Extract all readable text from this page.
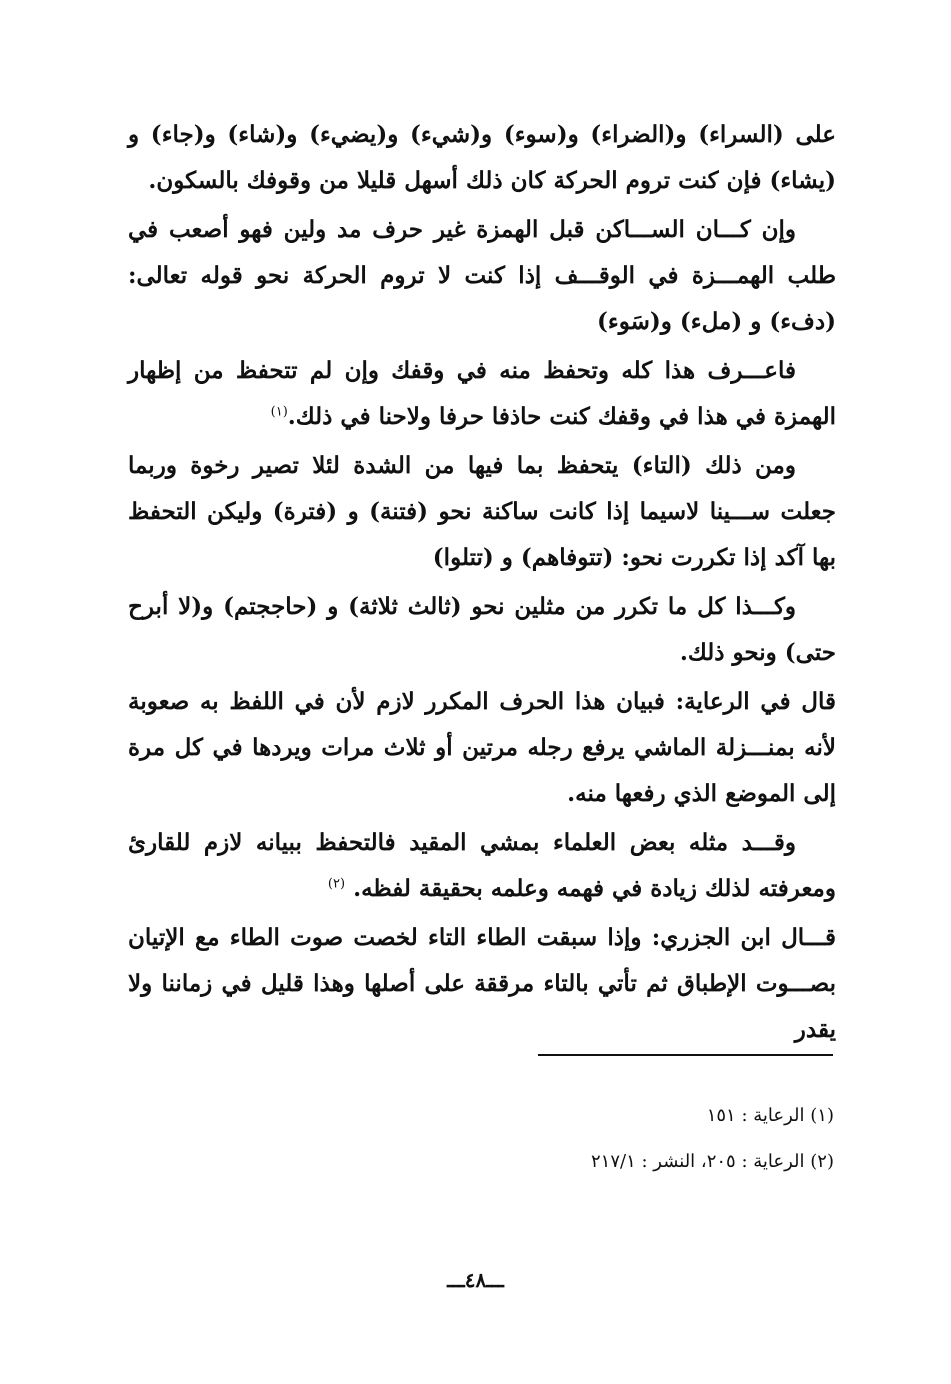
على (السراء) و(الضراء) و(سوء) و(شيء) و(يضيء) و(شاء) و(جاء) و (يشاء) فإن كنت تروم الحركة كان ذلك أسهل قليلا من وقوفك بالسكون.

وإن كـــان الســـاكن قبل الهمزة غير حرف مد ولين فهو أصعب في طلب الهمـــزة في الوقـــف إذا كنت لا تروم الحركة نحو قوله تعالى: (دفء) و (ملء) و(سَوء)

فاعـــرف هذا كله وتحفظ منه في وقفك وإن لم تتحفظ من إظهار الهمزة في هذا في وقفك كنت حاذفا حرفا ولاحنا في ذلك.$^{(١)}$

ومن ذلك (التاء) يتحفظ بما فيها من الشدة لئلا تصير رخوة وربما جعلت ســـينا لاسيما إذا كانت ساكنة نحو (فتنة) و (فترة) وليكن التحفظ بها آكد إذا تكررت نحو: (تتوفاهم) و (تتلوا)

وكـــذا كل ما تكرر من مثلين نحو (ثالث ثلاثة) و (حاججتم) و(لا أبرح حتى) ونحو ذلك.

قال في الرعاية: فبيان هذا الحرف المكرر لازم لأن في اللفظ به صعوبة لأنه بمنـــزلة الماشي يرفع رجله مرتين أو ثلاث مرات ويردها في كل مرة إلى الموضع الذي رفعها منه.

وقـــد مثله بعض العلماء بمشي المقيد فالتحفظ ببيانه لازم للقارئ ومعرفته لذلك زيادة في فهمه وعلمه بحقيقة لفظه. $^{(٢)}$

قـــال ابن الجزري: وإذا سبقت الطاء التاء لخصت صوت الطاء مع الإتيان بصـــوت الإطباق ثم تأتي بالتاء مرققة على أصلها وهذا قليل في زماننا ولا يقدر

(١) الرعاية : ١٥١

(٢) الرعاية : ٢٠٥، النشر : ٢١٧/١

ـــ٤٨ـــ
